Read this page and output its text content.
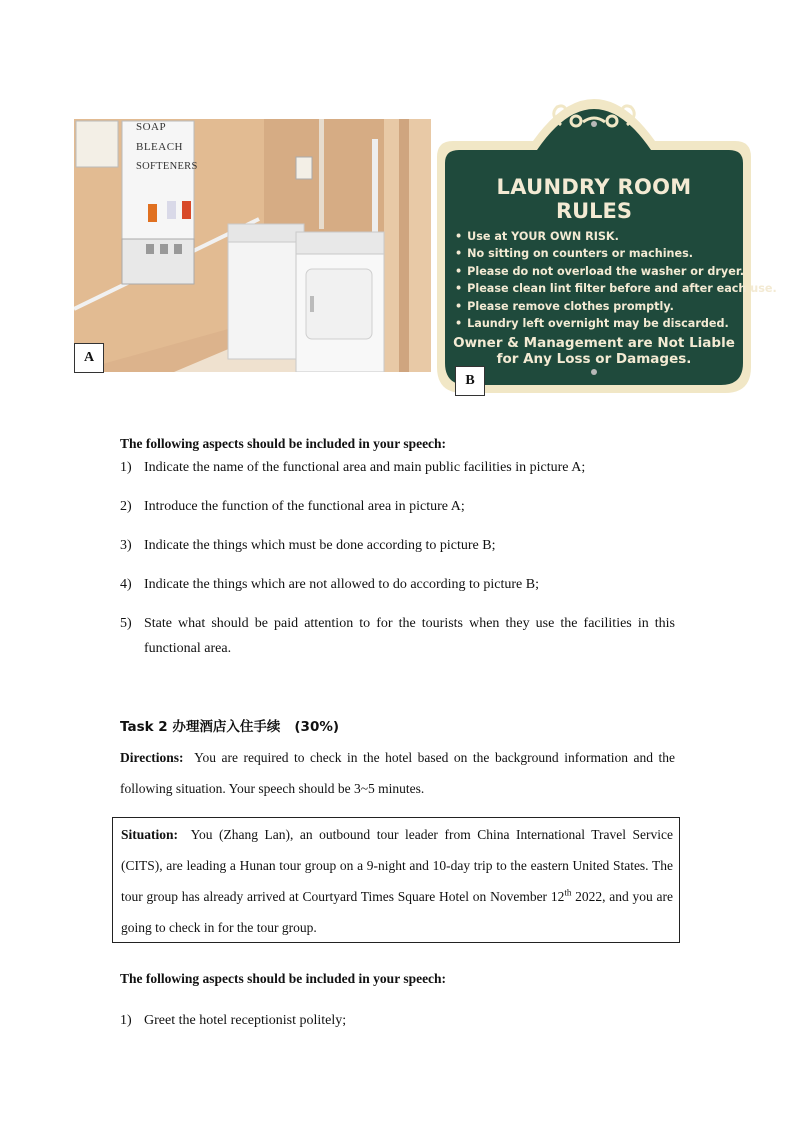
SOAP
BLEACH
SOFTENERS
A
LAUNDRY ROOM
RULES
• Use at YOUR OWN RISK.
• No sitting on counters or machines.
• Please do not overload the washer or dryer.
• Please clean lint filter before and after each use.
• Please remove clothes promptly.
• Laundry left overnight may be discarded.
Owner & Management are Not Liable
for Any Loss or Damages.
B
The following aspects should be included in your speech:
1) Indicate the name of the functional area and main public facilities in picture A;
2) Introduce the function of the functional area in picture A;
3) Indicate the things which must be done according to picture B;
4) Indicate the things which are not allowed to do according to picture B;
5) State what should be paid attention to for the tourists when they use the facilities in this functional area.
Task 2 办理酒店入住手续 (30%)
Directions: You are required to check in the hotel based on the background information and the following situation. Your speech should be 3~5 minutes.
Situation: You (Zhang Lan), an outbound tour leader from China International Travel Service (CITS), are leading a Hunan tour group on a 9-night and 10-day trip to the eastern United States. The tour group has already arrived at Courtyard Times Square Hotel on November 12th 2022, and you are going to check in for the tour group.
The following aspects should be included in your speech:
1) Greet the hotel receptionist politely;
